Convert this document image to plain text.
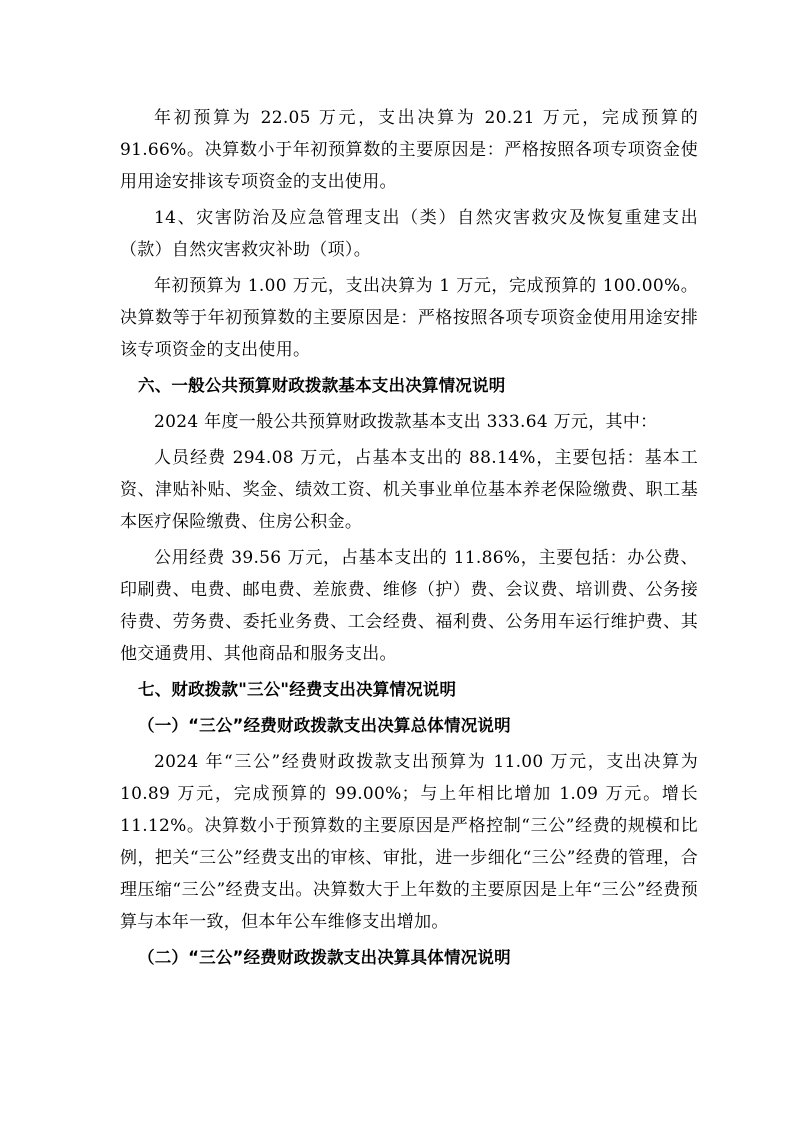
年初预算为 22.05 万元，支出决算为 20.21 万元，完成预算的 91.66%。决算数小于年初预算数的主要原因是：严格按照各项专项资金使用用途安排该专项资金的支出使用。

14、灾害防治及应急管理支出（类）自然灾害救灾及恢复重建支出（款）自然灾害救灾补助（项）。

年初预算为 1.00 万元，支出决算为 1 万元，完成预算的 100.00%。决算数等于年初预算数的主要原因是：严格按照各项专项资金使用用途安排该专项资金的支出使用。

六、一般公共预算财政拨款基本支出决算情况说明

2024 年度一般公共预算财政拨款基本支出 333.64 万元，其中：

人员经费 294.08 万元，占基本支出的 88.14%，主要包括：基本工资、津贴补贴、奖金、绩效工资、机关事业单位基本养老保险缴费、职工基本医疗保险缴费、住房公积金。

公用经费 39.56 万元，占基本支出的 11.86%，主要包括：办公费、印刷费、电费、邮电费、差旅费、维修（护）费、会议费、培训费、公务接待费、劳务费、委托业务费、工会经费、福利费、公务用车运行维护费、其他交通费用、其他商品和服务支出。

七、财政拨款"三公"经费支出决算情况说明

（一）“三公”经费财政拨款支出决算总体情况说明

2024 年“三公”经费财政拨款支出预算为 11.00 万元，支出决算为 10.89 万元，完成预算的 99.00%；与上年相比增加 1.09 万元。增长 11.12%。决算数小于预算数的主要原因是严格控制“三公”经费的规模和比例，把关“三公”经费支出的审核、审批，进一步细化“三公”经费的管理，合理压缩“三公”经费支出。决算数大于上年数的主要原因是上年“三公”经费预算与本年一致，但本年公车维修支出增加。

（二）“三公”经费财政拨款支出决算具体情况说明
